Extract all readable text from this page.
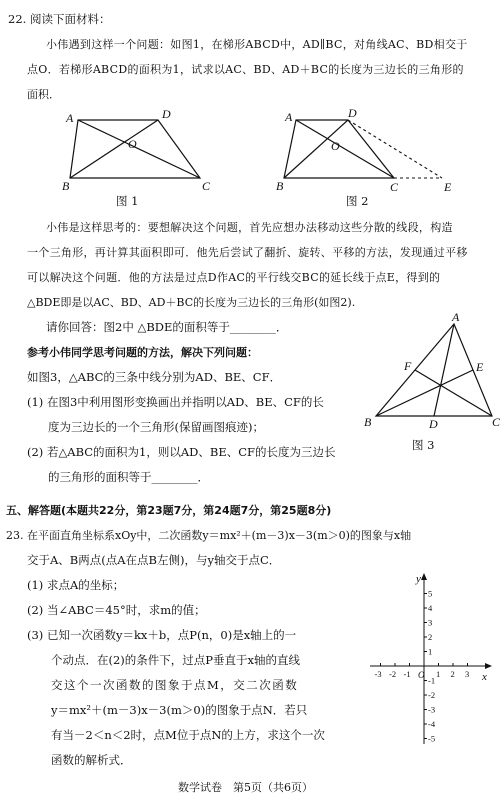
22. 阅读下面材料：
小伟遇到这样一个问题：如图1，在梯形ABCD中，AD∥BC，对角线AC、BD相交于
点O．若梯形ABCD的面积为1，试求以AC、BD、AD＋BC的长度为三边长的三角形的
面积．
A	D
O
B	C
图 1
A	D
O
B	C	E
图 2
小伟是这样思考的：要想解决这个问题，首先应想办法移动这些分散的线段，构造
一个三角形，再计算其面积即可．他先后尝试了翻折、旋转、平移的方法，发现通过平移
可以解决这个问题．他的方法是过点D作AC的平行线交BC的延长线于点E，得到的
△BDE即是以AC、BD、AD＋BC的长度为三边长的三角形(如图2).
请你回答：图2中 △BDE的面积等于________．
参考小伟同学思考问题的方法，解决下列问题：
如图3，△ABC的三条中线分别为AD、BE、CF．
(1) 在图3中利用图形变换画出并指明以AD、BE、CF的长
度为三边长的一个三角形(保留画图痕迹)；
(2) 若△ABC的面积为1，则以AD、BE、CF的长度为三边长
的三角形的面积等于________．
A
F	E
B	D	C
图 3
五、解答题(本题共22分，第23题7分，第24题7分，第25题8分)
23. 在平面直角坐标系xOy中，二次函数y＝mx²＋(m－3)x－3(m＞0)的图象与x轴
交于A、B两点(点A在点B左侧)，与y轴交于点C．
(1) 求点A的坐标；
(2) 当∠ABC＝45°时，求m的值；
(3) 已知一次函数y＝kx＋b，点P(n，0)是x轴上的一
个动点．在(2)的条件下，过点P垂直于x轴的直线
交这个一次函数的图象于点M，交二次函数
y＝mx²＋(m－3)x－3(m＞0)的图象于点N．若只
有当－2＜n＜2时，点M位于点N的上方，求这个一次
函数的解析式．
x
y
O
-3 -2 -1	1 2 3
5
4
3
2
1
-1
-2
-3
-4
-5
数学试卷　第5页（共6页）
